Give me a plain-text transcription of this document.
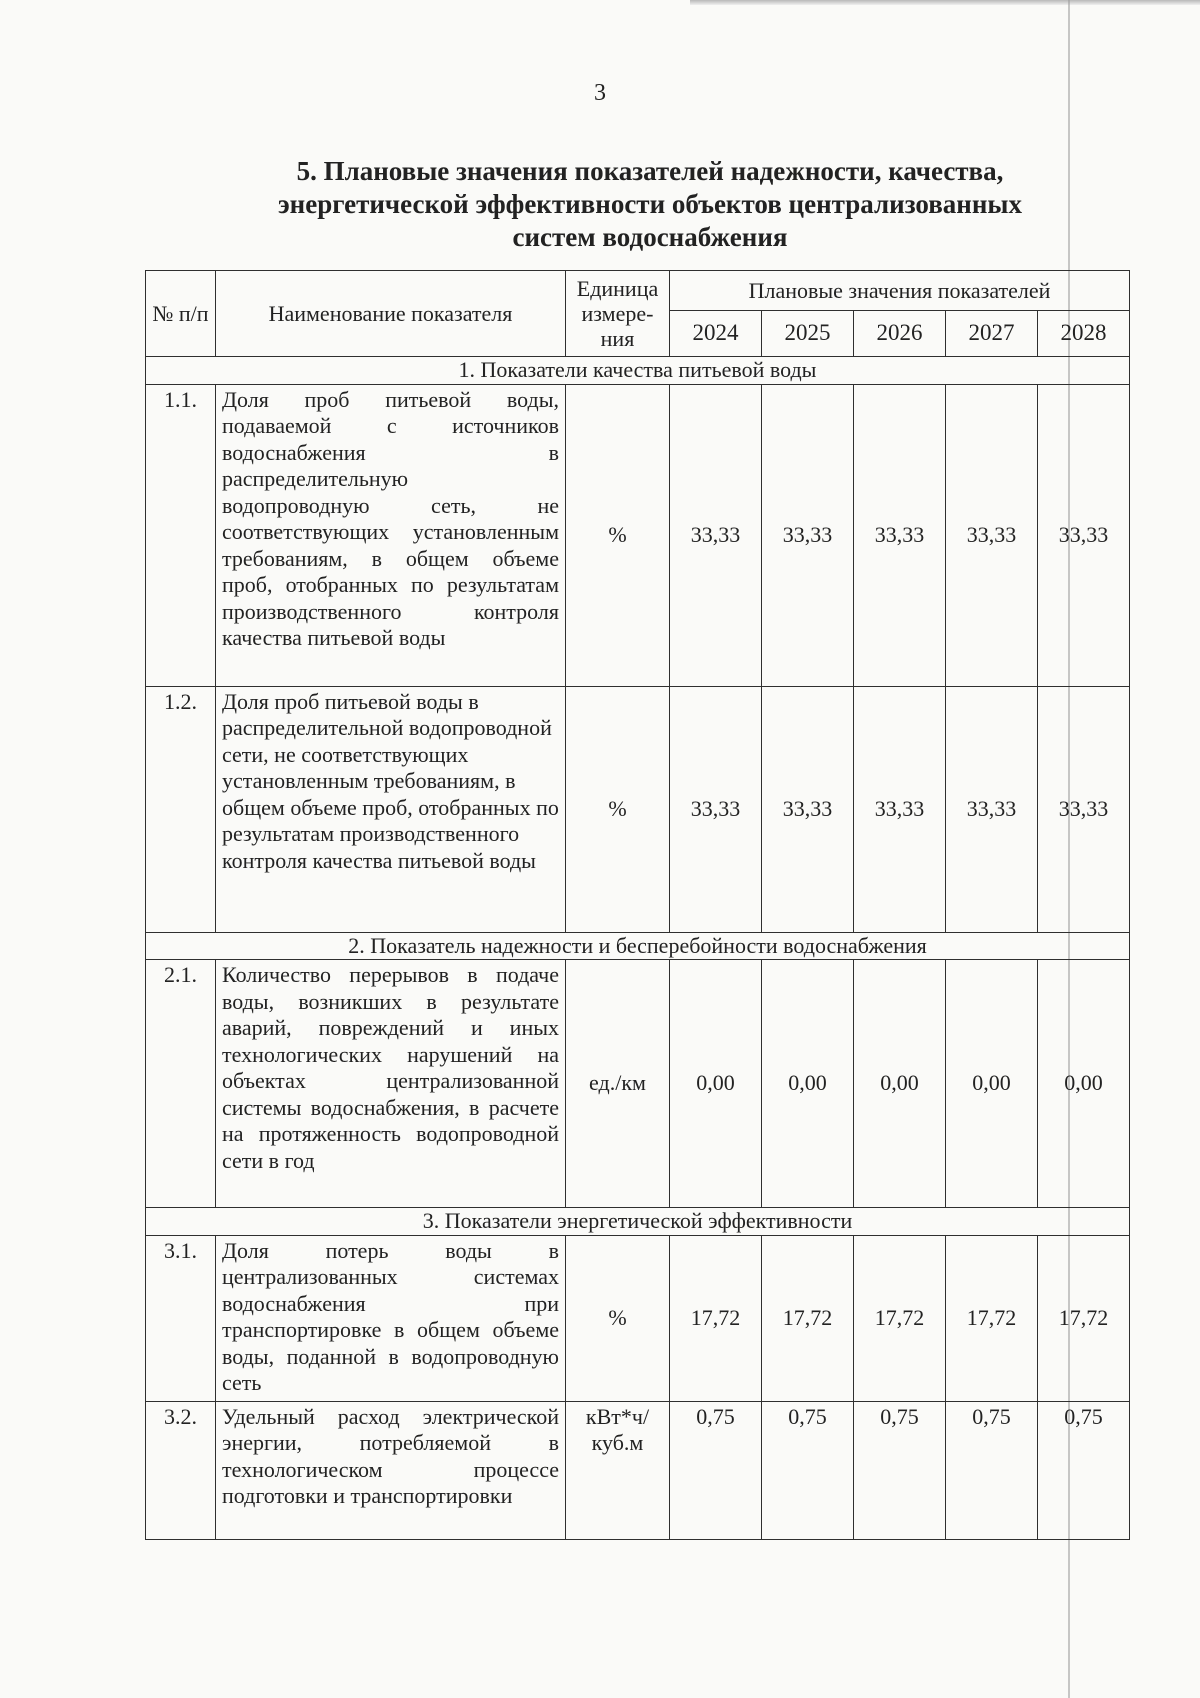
3
5. Плановые значения показателей надежности, качества,
энергетической эффективности объектов централизованных
систем водоснабжения
№ п/п	Наименование показателя	Единица измере-ния	Плановые значения показателей				
			2024	2025	2026	2027	2028
1. Показатели качества питьевой воды							
1.1.	Доля проб питьевой воды, подаваемой с источников водоснабжения в распределительную водопроводную сеть, не соответствующих установленным требованиям, в общем объеме проб, отобранных по результатам производственного контроля качества питьевой воды	%	33,33	33,33	33,33	33,33	33,33
1.2.	Доля проб питьевой воды в распределительной водопроводной сети, не соответствующих установленным требованиям, в общем объеме проб, отобранных по результатам производственного контроля качества питьевой воды	%	33,33	33,33	33,33	33,33	33,33
2. Показатель надежности и бесперебойности водоснабжения							
2.1.	Количество перерывов в подаче воды, возникших в результате аварий, повреждений и иных технологических нарушений на объектах централизованной системы водоснабжения, в расчете на протяженность водопроводной сети в год	ед./км	0,00	0,00	0,00	0,00	0,00
3. Показатели энергетической эффективности							
3.1.	Доля потерь воды в централизованных системах водоснабжения при транспортировке в общем объеме воды, поданной в водопроводную сеть	%	17,72	17,72	17,72	17,72	17,72
3.2.	Удельный расход электрической энергии, потребляемой в технологическом процессе подготовки и транспортировки	кВт*ч/ куб.м	0,75	0,75	0,75	0,75	0,75
